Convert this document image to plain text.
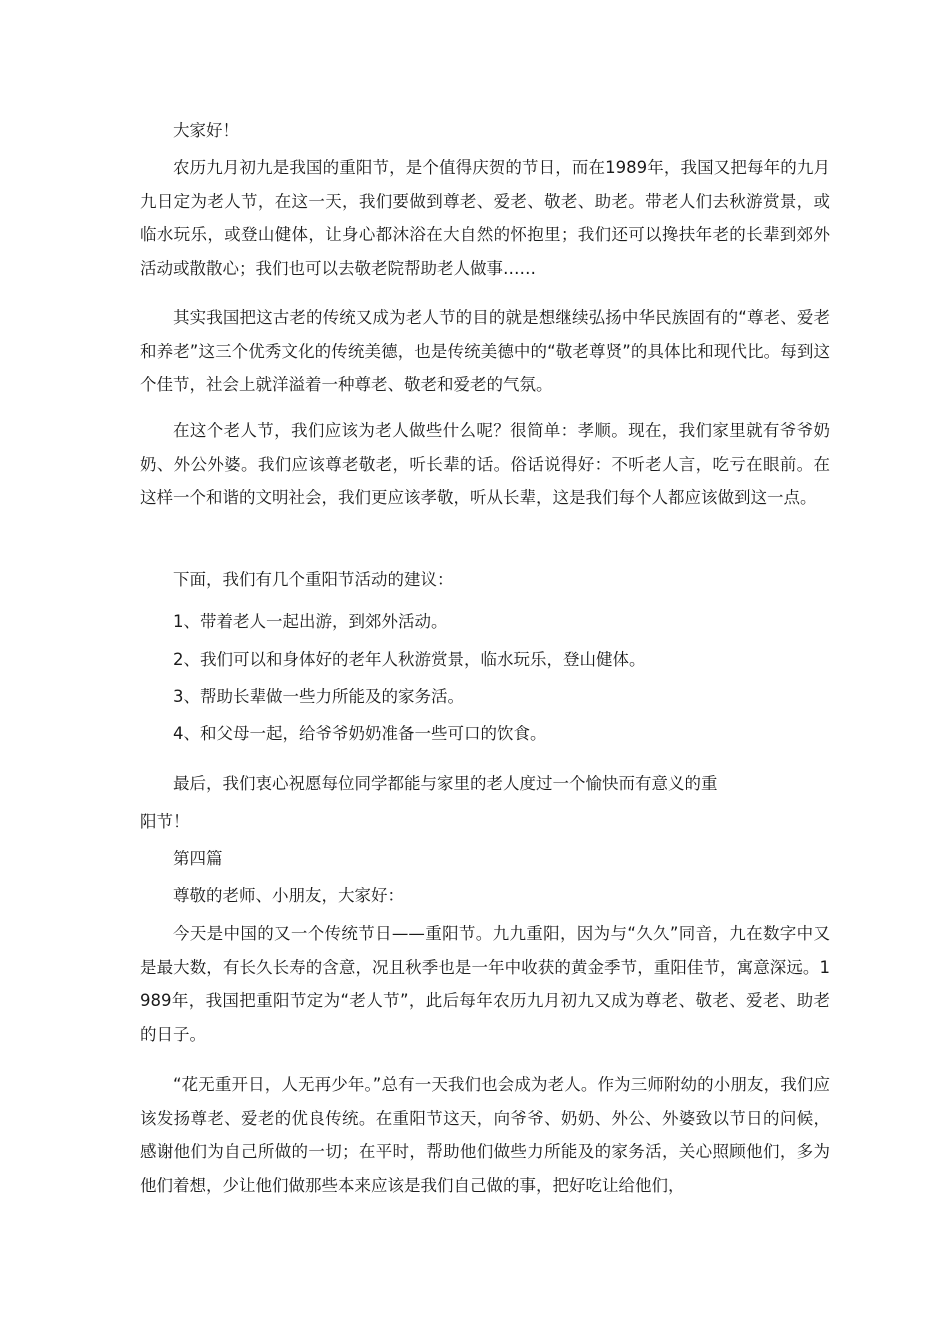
大家好！

农历九月初九是我国的重阳节，是个值得庆贺的节日，而在1989年，我国又把每年的九月九日定为老人节，在这一天，我们要做到尊老、爱老、敬老、助老。带老人们去秋游赏景，或临水玩乐，或登山健体，让身心都沐浴在大自然的怀抱里；我们还可以搀扶年老的长辈到郊外活动或散散心；我们也可以去敬老院帮助老人做事……

其实我国把这古老的传统又成为老人节的目的就是想继续弘扬中华民族固有的“尊老、爱老和养老”这三个优秀文化的传统美德，也是传统美德中的“敬老尊贤”的具体比和现代比。每到这个佳节，社会上就洋溢着一种尊老、敬老和爱老的气氛。

在这个老人节，我们应该为老人做些什么呢？很简单：孝顺。现在，我们家里就有爷爷奶奶、外公外婆。我们应该尊老敬老，听长辈的话。俗话说得好：不听老人言，吃亏在眼前。在这样一个和谐的文明社会，我们更应该孝敬，听从长辈，这是我们每个人都应该做到这一点。

下面，我们有几个重阳节活动的建议：

1、带着老人一起出游，到郊外活动。

2、我们可以和身体好的老年人秋游赏景，临水玩乐，登山健体。

3、帮助长辈做一些力所能及的家务活。

4、和父母一起，给爷爷奶奶准备一些可口的饮食。

最后，我们衷心祝愿每位同学都能与家里的老人度过一个愉快而有意义的重

阳节！

第四篇

尊敬的老师、小朋友，大家好：

今天是中国的又一个传统节日——重阳节。九九重阳，因为与“久久”同音，九在数字中又是最大数，有长久长寿的含意，况且秋季也是一年中收获的黄金季节，重阳佳节，寓意深远。1989年，我国把重阳节定为“老人节”，此后每年农历九月初九又成为尊老、敬老、爱老、助老的日子。

“花无重开日，人无再少年。”总有一天我们也会成为老人。作为三师附幼的小朋友，我们应该发扬尊老、爱老的优良传统。在重阳节这天，向爷爷、奶奶、外公、外婆致以节日的问候，感谢他们为自己所做的一切；在平时，帮助他们做些力所能及的家务活，关心照顾他们，多为他们着想，少让他们做那些本来应该是我们自己做的事，把好吃让给他们，
